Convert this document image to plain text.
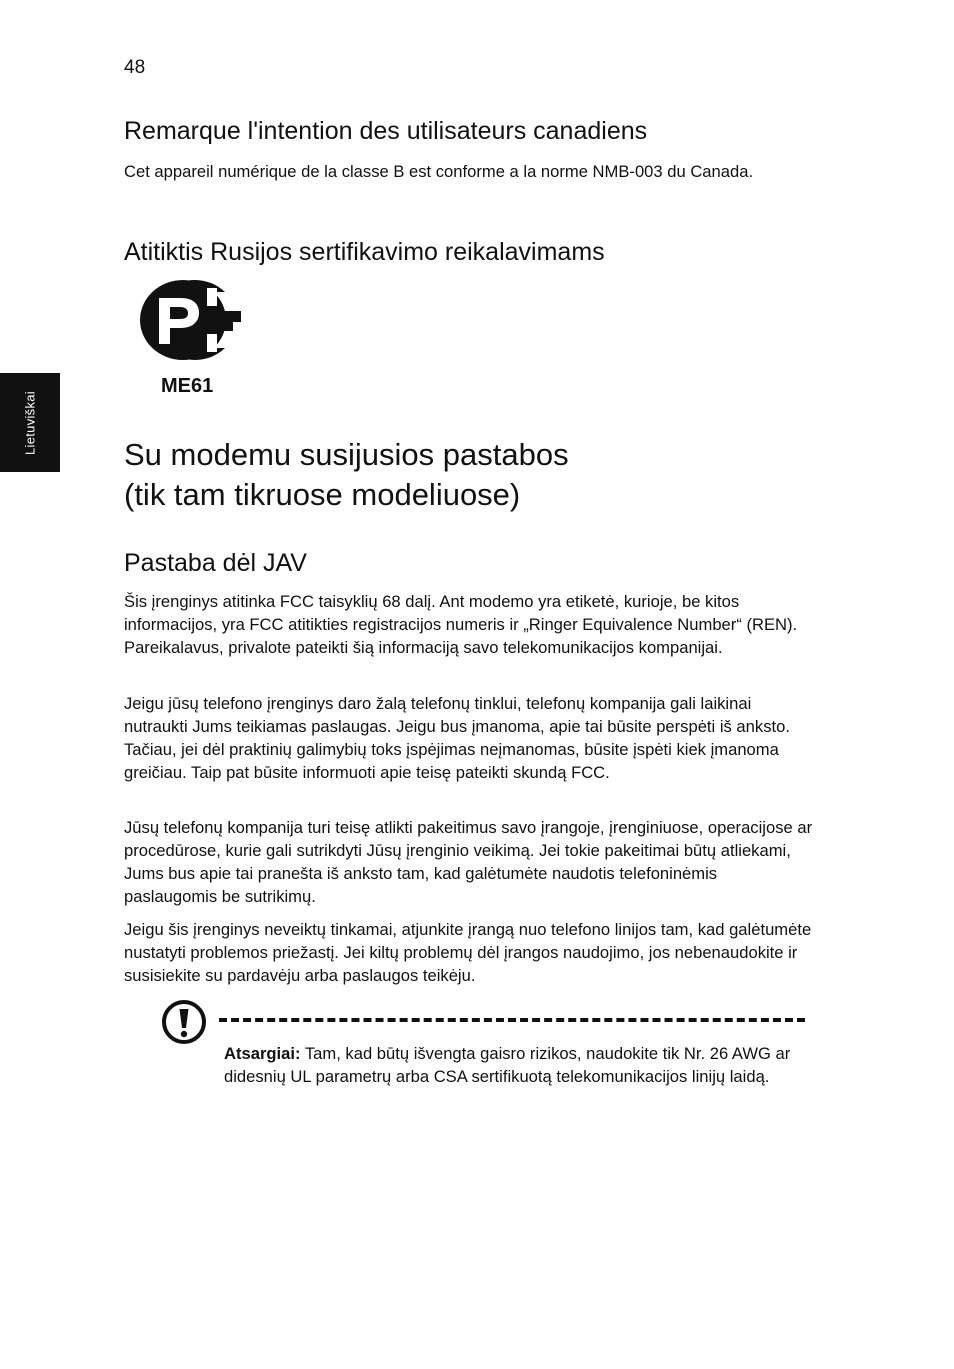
48
Lietuviškai
Remarque l'intention des utilisateurs canadiens

Cet appareil numérique de la classe B est conforme a la norme NMB-003 du Canada.

Atitiktis Rusijos sertifikavimo reikalavimams
ME61
Su modemu susijusios pastabos
(tik tam tikruose modeliuose)
Pastaba dėl JAV

Šis įrenginys atitinka FCC taisyklių 68 dalį. Ant modemo yra etiketė, kurioje, be kitos informacijos, yra FCC atitikties registracijos numeris ir „Ringer Equivalence Number“ (REN). Pareikalavus, privalote pateikti šią informaciją savo telekomunikacijos kompanijai.

Jeigu jūsų telefono įrenginys daro žalą telefonų tinklui, telefonų kompanija gali laikinai nutraukti Jums teikiamas paslaugas. Jeigu bus įmanoma, apie tai būsite perspėti iš anksto. Tačiau, jei dėl praktinių galimybių toks įspėjimas neįmanomas, būsite įspėti kiek įmanoma greičiau. Taip pat būsite informuoti apie teisę pateikti skundą FCC.

Jūsų telefonų kompanija turi teisę atlikti pakeitimus savo įrangoje, įrenginiuose, operacijose ar procedūrose, kurie gali sutrikdyti Jūsų įrenginio veikimą. Jei tokie pakeitimai būtų atliekami, Jums bus apie tai pranešta iš anksto tam, kad galėtumėte naudotis telefoninėmis paslaugomis be sutrikimų.

Jeigu šis įrenginys neveiktų tinkamai, atjunkite įrangą nuo telefono linijos tam, kad galėtumėte nustatyti problemos priežastį. Jei kiltų problemų dėl įrangos naudojimo, jos nebenaudokite ir susisiekite su pardavėju arba paslaugos teikėju.

Atsargiai: Tam, kad būtų išvengta gaisro rizikos, naudokite tik Nr. 26 AWG ar didesnių UL parametrų arba CSA sertifikuotą telekomunikacijos linijų laidą.
